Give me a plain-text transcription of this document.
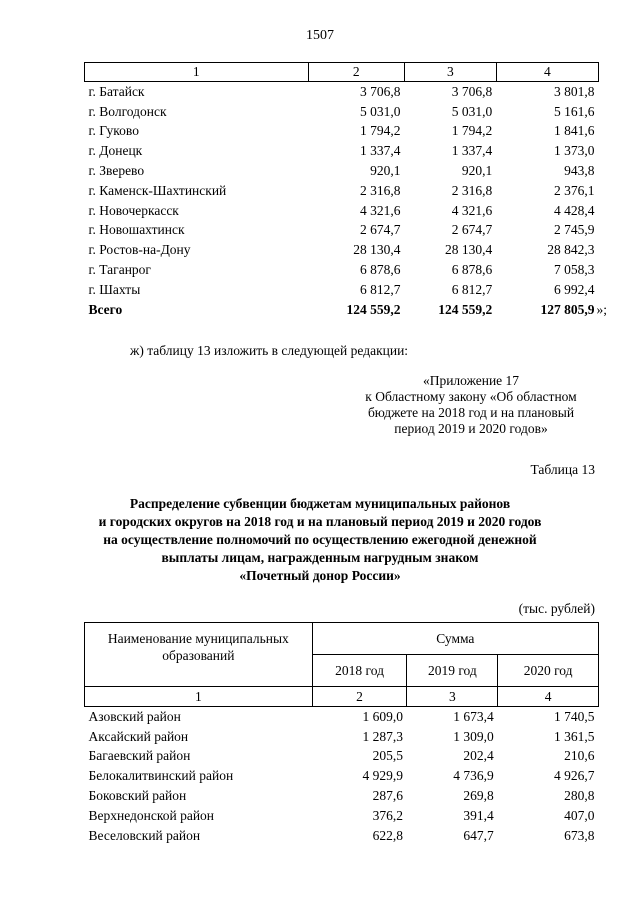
1507
1	2	3	4
г. Батайск	3 706,8	3 706,8	3 801,8
г. Волгодонск	5 031,0	5 031,0	5 161,6
г. Гуково	1 794,2	1 794,2	1 841,6
г. Донецк	1 337,4	1 337,4	1 373,0
г. Зверево	920,1	920,1	943,8
г. Каменск-Шахтинский	2 316,8	2 316,8	2 376,1
г. Новочеркасск	4 321,6	4 321,6	4 428,4
г. Новошахтинск	2 674,7	2 674,7	2 745,9
г. Ростов-на-Дону	28 130,4	28 130,4	28 842,3
г. Таганрог	6 878,6	6 878,6	7 058,3
г. Шахты	6 812,7	6 812,7	6 992,4
Всего	124 559,2	124 559,2	127 805,9 »;
ж) таблицу 13 изложить в следующей редакции:
«Приложение 17
к Областному закону «Об областном
бюджете на 2018 год и на плановый
период 2019 и 2020 годов»
Таблица 13
Распределение субвенции бюджетам муниципальных районов
и городских округов на 2018 год и на плановый период 2019 и 2020 годов
на осуществление полномочий по осуществлению ежегодной денежной
выплаты лицам, награжденным нагрудным знаком
«Почетный донор России»
(тыс. рублей)
Наименование муниципальных
образований	Сумма		
	2018 год	2019 год	2020 год
1	2	3	4
Азовский район	1 609,0	1 673,4	1 740,5
Аксайский район	1 287,3	1 309,0	1 361,5
Багаевский район	205,5	202,4	210,6
Белокалитвинский район	4 929,9	4 736,9	4 926,7
Боковский район	287,6	269,8	280,8
Верхнедонской район	376,2	391,4	407,0
Веселовский район	622,8	647,7	673,8
